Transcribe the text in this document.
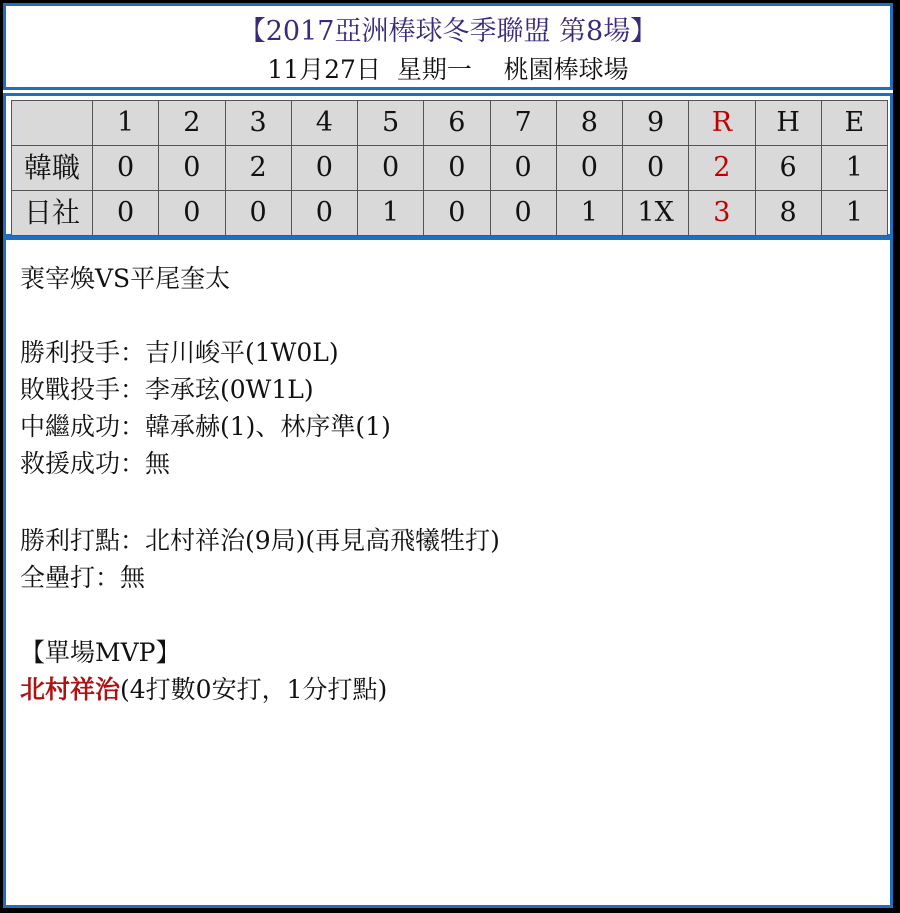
【2017亞洲棒球冬季聯盟 第8場】
11月27日  星期一    桃園棒球場
	1	2	3	4	5	6	7	8	9	R	H	E
韓職	0	0	2	0	0	0	0	0	0	2	6	1
日社	0	0	0	0	1	0	0	1	1X	3	8	1
裵宰煥VS平尾奎太
勝利投手：吉川峻平(1W0L)
敗戰投手：李承玹(0W1L)
中繼成功：韓承赫(1)、林序準(1)
救援成功：無
勝利打點：北村祥治(9局)(再見高飛犧牲打)
全壘打：無
【單場MVP】
北村祥治(4打數0安打，1分打點)
